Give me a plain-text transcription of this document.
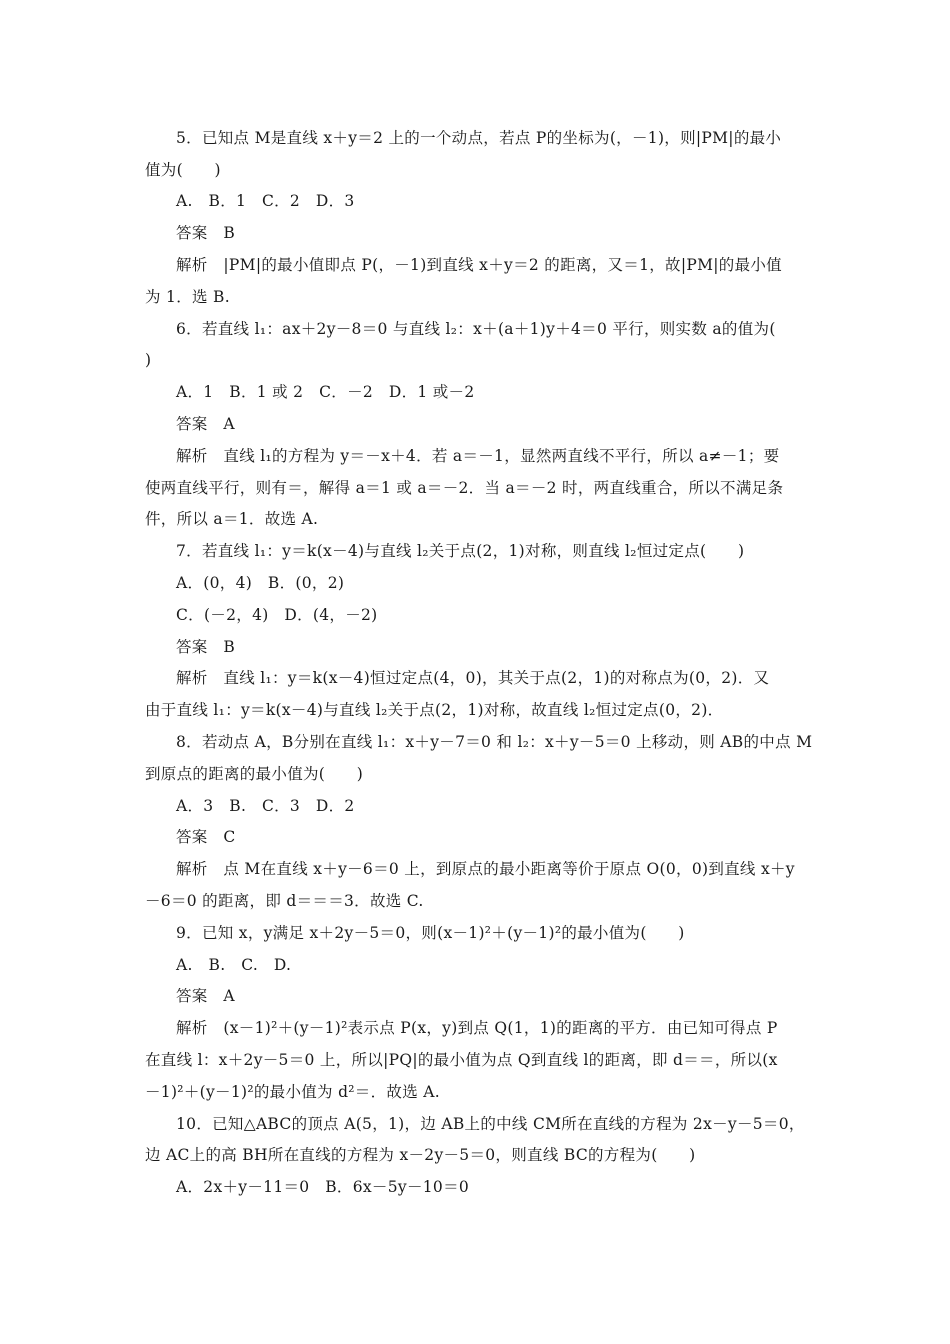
5．已知点 M是直线 x＋y＝2 上的一个动点，若点 P的坐标为(，－1)，则|PM|的最小
值为(　　)
A.　B．1　C．2　D．3
答案　B
解析　|PM|的最小值即点 P(，－1)到直线 x＋y＝2 的距离，又＝1，故|PM|的最小值
为 1．选 B.
6．若直线 l₁：ax＋2y－8＝0 与直线 l₂：x＋(a＋1)y＋4＝0 平行，则实数 a的值为(
)
A．1　B．1 或 2　C．－2　D．1 或－2
答案　A
解析　直线 l₁的方程为 y＝－x＋4．若 a＝－1，显然两直线不平行，所以 a≠－1；要
使两直线平行，则有＝，解得 a＝1 或 a＝－2．当 a＝－2 时，两直线重合，所以不满足条
件，所以 a＝1．故选 A.
7．若直线 l₁：y＝k(x－4)与直线 l₂关于点(2，1)对称，则直线 l₂恒过定点(　　)
A．(0，4)　B．(0，2)
C．(－2，4)　D．(4，－2)
答案　B
解析　直线 l₁：y＝k(x－4)恒过定点(4，0)，其关于点(2，1)的对称点为(0，2)．又
由于直线 l₁：y＝k(x－4)与直线 l₂关于点(2，1)对称，故直线 l₂恒过定点(0，2)．
8．若动点 A，B分别在直线 l₁：x＋y－7＝0 和 l₂：x＋y－5＝0 上移动，则 AB的中点 M
到原点的距离的最小值为(　　)
A．3　B.　C．3　D．2
答案　C
解析　点 M在直线 x＋y－6＝0 上，到原点的最小距离等价于原点 O(0，0)到直线 x＋y
－6＝0 的距离，即 d＝＝＝3．故选 C.
9．已知 x，y满足 x＋2y－5＝0，则(x－1)²＋(y－1)²的最小值为(　　)
A.　B.　C.　D.
答案　A
解析　(x－1)²＋(y－1)²表示点 P(x，y)到点 Q(1，1)的距离的平方．由已知可得点 P
在直线 l：x＋2y－5＝0 上，所以|PQ|的最小值为点 Q到直线 l的距离，即 d＝＝，所以(x
－1)²＋(y－1)²的最小值为 d²＝．故选 A.
10．已知△ABC的顶点 A(5，1)，边 AB上的中线 CM所在直线的方程为 2x－y－5＝0，
边 AC上的高 BH所在直线的方程为 x－2y－5＝0，则直线 BC的方程为(　　)
A．2x＋y－11＝0　B．6x－5y－10＝0
